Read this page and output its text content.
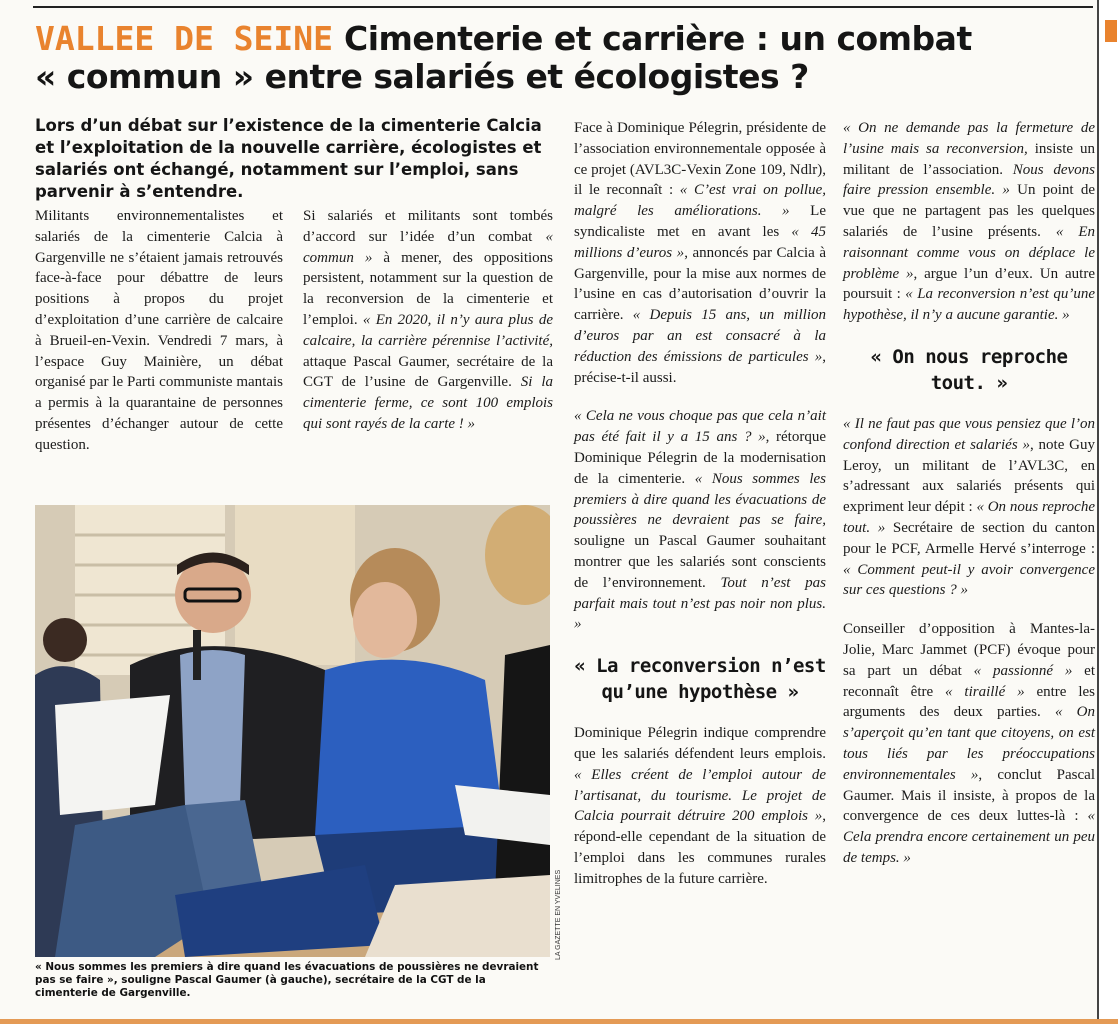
VALLEE DE SEINE Cimenterie et carrière : un combat
« commun » entre salariés et écologistes ?
Lors d’un débat sur l’existence de la cimenterie Calcia et l’exploitation de la nouvelle carrière, écologistes et salariés ont échangé, notamment sur l’emploi, sans parvenir à s’entendre.

Militants environnementalistes et salariés de la cimenterie Calcia à Gargenville ne s’étaient jamais retrouvés face-à-face pour débattre de leurs positions à propos du projet d’exploitation d’une carrière de calcaire à Brueil-en-Vexin. Vendredi 7 mars, à l’espace Guy Mainière, un débat organisé par le Parti communiste mantais a permis à la quarantaine de personnes présentes d’échanger autour de cette question.

Si salariés et militants sont tombés d’accord sur l’idée d’un combat « commun » à mener, des oppositions persistent, notamment sur la question de la reconversion de la cimenterie et l’emploi. « En 2020, il n’y aura plus de calcaire, la carrière pérennise l’activité, attaque Pascal Gaumer, secrétaire de la CGT de l’usine de Gargenville. Si la cimenterie ferme, ce sont 100 emplois qui sont rayés de la carte ! »

LA GAZETTE EN YVELINES
« Nous sommes les premiers à dire quand les évacuations de poussières ne devraient pas se faire », souligne Pascal Gaumer (à gauche), secrétaire de la CGT de la cimenterie de Gargenville.

Face à Dominique Pélegrin, présidente de l’association environnementale opposée à ce projet (AVL3C-Vexin Zone 109, Ndlr), il le reconnaît : « C’est vrai on pollue, malgré les améliorations. » Le syndicaliste met en avant les « 45 millions d’euros », annoncés par Calcia à Gargenville, pour la mise aux normes de l’usine en cas d’autorisation d’ouvrir la carrière. « Depuis 15 ans, un million d’euros par an est consacré à la réduction des émissions de particules », précise-t-il aussi.

« Cela ne vous choque pas que cela n’ait pas été fait il y a 15 ans ? », rétorque Dominique Pélegrin de la modernisation de la cimenterie. « Nous sommes les premiers à dire quand les évacuations de poussières ne devraient pas se faire, souligne un Pascal Gaumer souhaitant montrer que les salariés sont conscients de l’environnement. Tout n’est pas parfait mais tout n’est pas noir non plus. »

« La reconversion n’est qu’une hypothèse »

Dominique Pélegrin indique comprendre que les salariés défendent leurs emplois. « Elles créent de l’emploi autour de l’artisanat, du tourisme. Le projet de Calcia pourrait détruire 200 emplois », répond-elle cependant de la situation de l’emploi dans les communes rurales limitrophes de la future carrière.

« On ne demande pas la fermeture de l’usine mais sa reconversion, insiste un militant de l’association. Nous devons faire pression ensemble. » Un point de vue que ne partagent pas les quelques salariés de l’usine présents. « En raisonnant comme vous on déplace le problème », argue l’un d’eux. Un autre poursuit : « La reconversion n’est qu’une hypothèse, il n’y a aucune garantie. »

« On nous reproche tout. »

« Il ne faut pas que vous pensiez que l’on confond direction et salariés », note Guy Leroy, un militant de l’AVL3C, en s’adressant aux salariés présents qui expriment leur dépit : « On nous reproche tout. » Secrétaire de section du canton pour le PCF, Armelle Hervé s’interroge : « Comment peut-il y avoir convergence sur ces questions ? »

Conseiller d’opposition à Mantes-la-Jolie, Marc Jammet (PCF) évoque pour sa part un débat « passionné » et reconnaît être « tiraillé » entre les arguments des deux parties. « On s’aperçoit qu’en tant que citoyens, on est tous liés par les préoccupations environnementales », conclut Pascal Gaumer. Mais il insiste, à propos de la convergence de ces deux luttes-là : « Cela prendra encore certainement un peu de temps. »
